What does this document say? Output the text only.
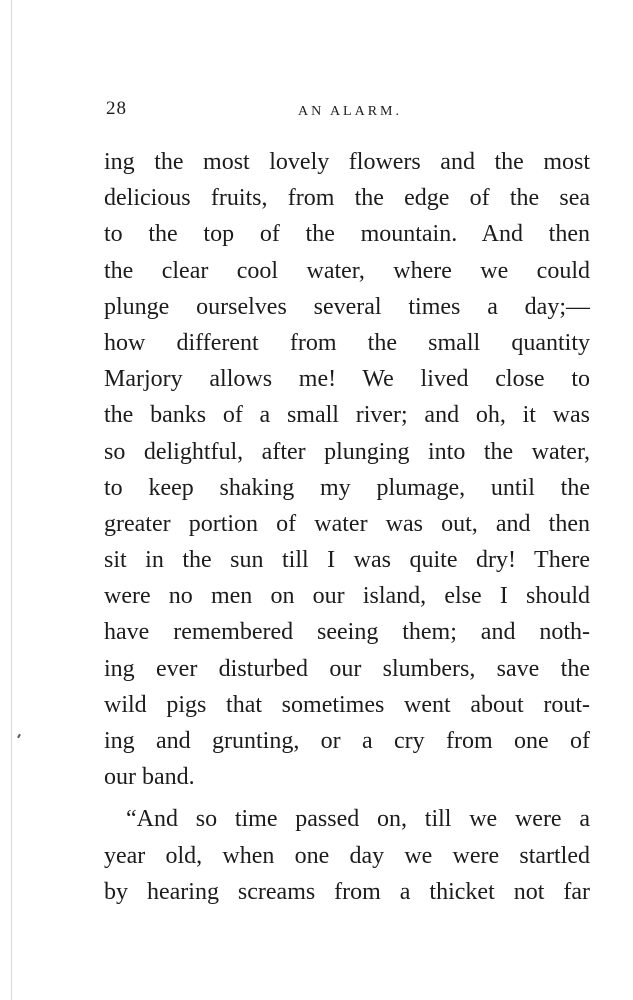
28	AN ALARM.
ing the most lovely flowers and the most
delicious fruits, from the edge of the sea
to the top of the mountain. And then
the clear cool water, where we could
plunge ourselves several times a day;—
how different from the small quantity
Marjory allows me! We lived close to
the banks of a small river; and oh, it was
so delightful, after plunging into the water,
to keep shaking my plumage, until the
greater portion of water was out, and then
sit in the sun till I was quite dry! There
were no men on our island, else I should
have remembered seeing them; and noth-
ing ever disturbed our slumbers, save the
wild pigs that sometimes went about rout-
ing and grunting, or a cry from one of
our band.
“And so time passed on, till we were a
year old, when one day we were startled
by hearing screams from a thicket not far
